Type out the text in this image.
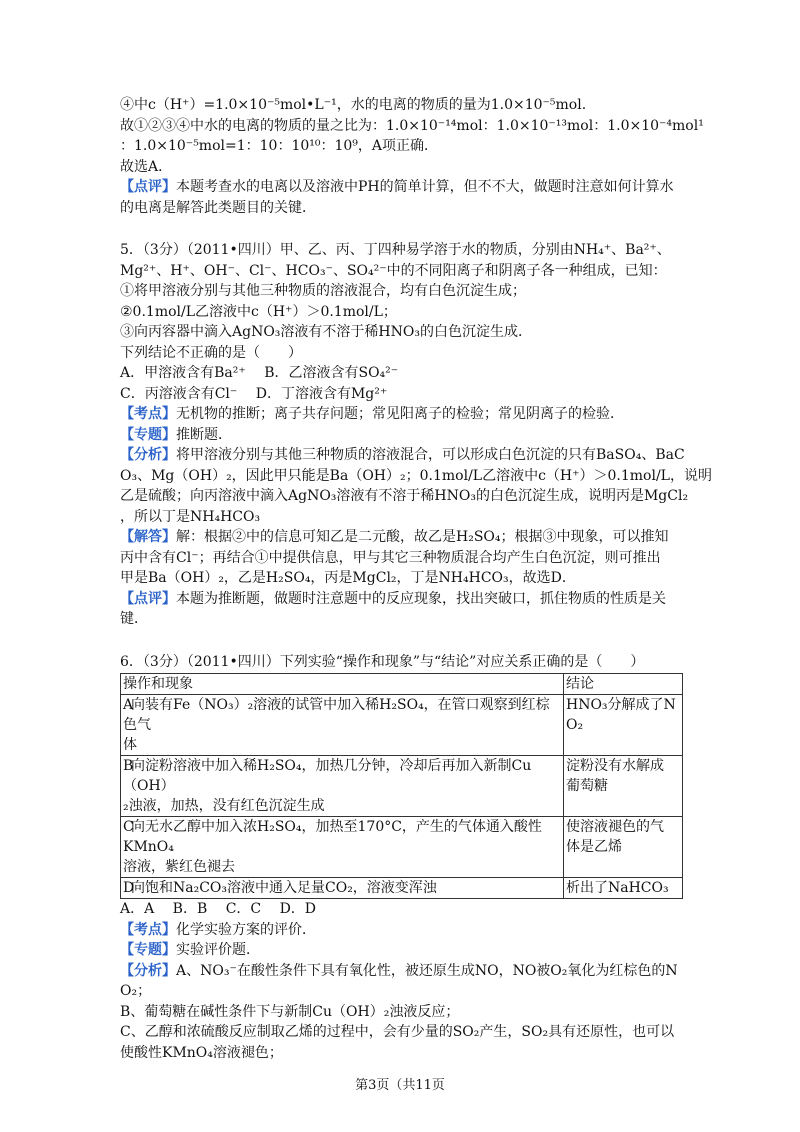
④中c（H⁺）=1.0×10⁻⁵mol•L⁻¹，水的电离的物质的量为1.0×10⁻⁵mol.
故①②③④中水的电离的物质的量之比为：1.0×10⁻¹⁴mol：1.0×10⁻¹³mol：1.0×10⁻⁴mol¹
：1.0×10⁻⁵mol=1：10：10¹⁰：10⁹，A项正确．
故选A．
【点评】本题考查水的电离以及溶液中PH的简单计算，但不不大，做题时注意如何计算水
的电离是解答此类题目的关键．
5．（3分）（2011•四川）甲、乙、丙、丁四种易学溶于水的物质，分别由NH₄⁺、Ba²⁺、
Mg²⁺、H⁺、OH⁻、Cl⁻、HCO₃⁻、SO₄²⁻中的不同阳离子和阴离子各一种组成，已知：
①将甲溶液分别与其他三种物质的溶液混合，均有白色沉淀生成；
②0.1mol/L乙溶液中c（H⁺）＞0.1mol/L；
③向丙容器中滴入AgNO₃溶液有不溶于稀HNO₃的白色沉淀生成．
下列结论不正确的是（　　）
A．甲溶液含有Ba²⁺　 B．乙溶液含有SO₄²⁻
C．丙溶液含有Cl⁻　 D．丁溶液含有Mg²⁺
【考点】无机物的推断；离子共存问题；常见阳离子的检验；常见阴离子的检验．
【专题】推断题．
【分析】将甲溶液分别与其他三种物质的溶液混合，可以形成白色沉淀的只有BaSO₄、BaC
O₃、Mg（OH）₂，因此甲只能是Ba（OH）₂；0.1mol/L乙溶液中c（H⁺）＞0.1mol/L，说明
乙是硫酸；向丙溶液中滴入AgNO₃溶液有不溶于稀HNO₃的白色沉淀生成，说明丙是MgCl₂
，所以丁是NH₄HCO₃
【解答】解：根据②中的信息可知乙是二元酸，故乙是H₂SO₄；根据③中现象，可以推知
丙中含有Cl⁻；再结合①中提供信息，甲与其它三种物质混合均产生白色沉淀，则可推出
甲是Ba（OH）₂，乙是H₂SO₄，丙是MgCl₂，丁是NH₄HCO₃，故选D．
【点评】本题为推断题，做题时注意题中的反应现象，找出突破口，抓住物质的性质是关
键．
6．（3分）（2011•四川）下列实验“操作和现象”与“结论”对应关系正确的是（　　）
操作和现象	结论
A向装有Fe（NO₃）₂溶液的试管中加入稀H₂SO₄，在管口观察到红棕色气
体	HNO₃分解成了N
O₂
B向淀粉溶液中加入稀H₂SO₄，加热几分钟，冷却后再加入新制Cu（OH）
₂浊液，加热，没有红色沉淀生成	淀粉没有水解成
葡萄糖
C向无水乙醇中加入浓H₂SO₄，加热至170°C，产生的气体通入酸性KMnO₄
溶液，紫红色褪去	使溶液褪色的气
体是乙烯
D向饱和Na₂CO₃溶液中通入足量CO₂，溶液变浑浊	析出了NaHCO₃
A．A　 B．B　 C．C　 D．D
【考点】化学实验方案的评价．
【专题】实验评价题．
【分析】A、NO₃⁻在酸性条件下具有氧化性，被还原生成NO，NO被O₂氧化为红棕色的N
O₂；
B、葡萄糖在碱性条件下与新制Cu（OH）₂浊液反应；
C、乙醇和浓硫酸反应制取乙烯的过程中，会有少量的SO₂产生，SO₂具有还原性，也可以
使酸性KMnO₄溶液褪色；
第3页（共11页
